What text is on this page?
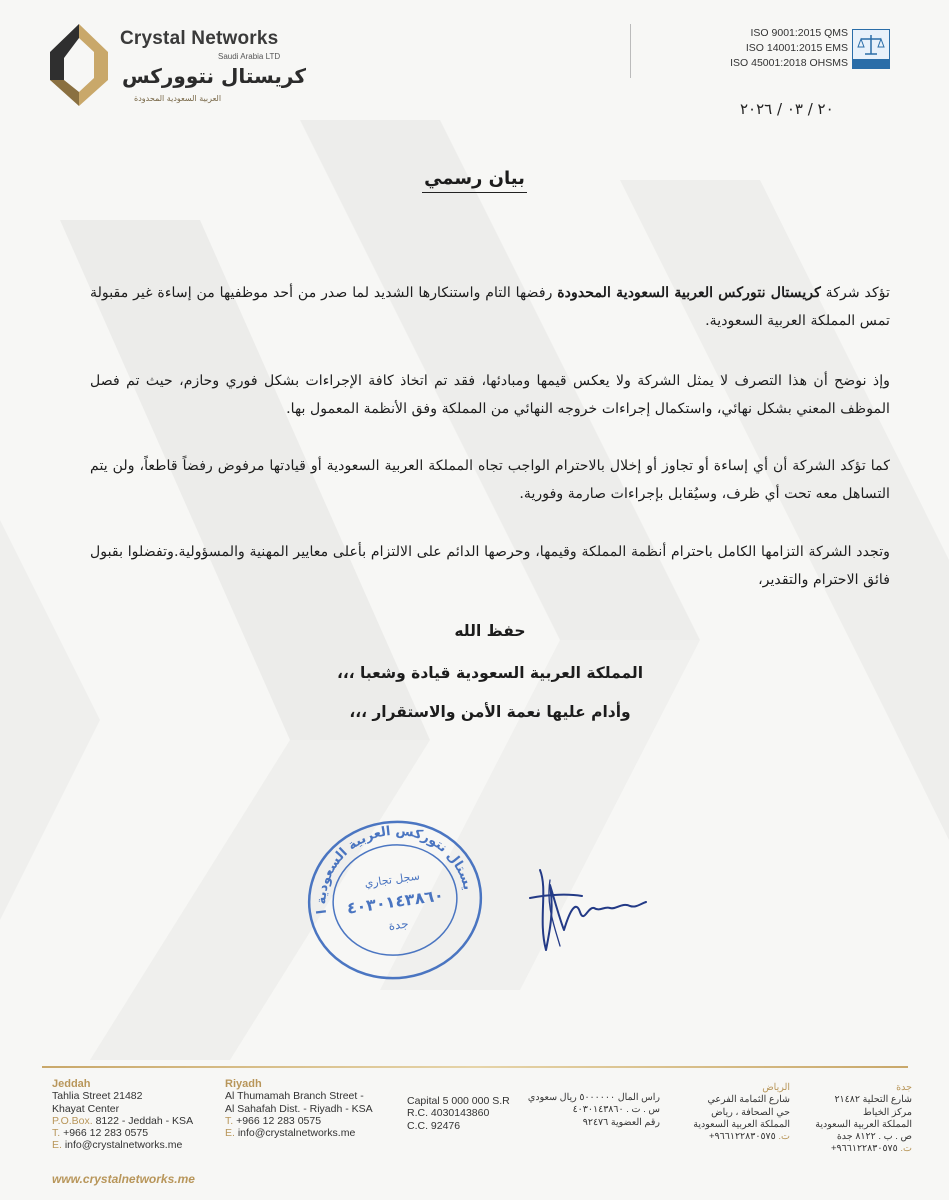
Crystal Networks
Saudi Arabia LTD
كريستال نتووركس
العربية السعودية المحدودة
ISO 9001:2015 QMS
ISO 14001:2015 EMS
ISO 45001:2018 OHSMS
٢٠ / ٠٣ / ٢٠٢٦
بيان رسمي
تؤكد شركة كريستال نتوركس العربية السعودية المحدودة رفضها التام واستنكارها الشديد لما صدر من أحد موظفيها من إساءة غير مقبولة تمس المملكة العربية السعودية.
وإذ نوضح أن هذا التصرف لا يمثل الشركة ولا يعكس قيمها ومبادئها، فقد تم اتخاذ كافة الإجراءات بشكل فوري وحازم، حيث تم فصل الموظف المعني بشكل نهائي، واستكمال إجراءات خروجه النهائي من المملكة وفق الأنظمة المعمول بها.
كما تؤكد الشركة أن أي إساءة أو تجاوز أو إخلال بالاحترام الواجب تجاه المملكة العربية السعودية أو قيادتها مرفوض رفضاً قاطعاً، ولن يتم التساهل معه تحت أي ظرف، وسيُقابل بإجراءات صارمة وفورية.
وتجدد الشركة التزامها الكامل باحترام أنظمة المملكة وقيمها، وحرصها الدائم على الالتزام بأعلى معايير المهنية والمسؤولية.وتفضلوا بقبول فائق الاحترام والتقدير،
حفظ الله
المملكة العربية السعودية قيادة وشعبا ،،،
وأدام عليها نعمة الأمن والاستقرار ،،،
كريستال نتوركس العربية السعودية المحدودة
سجل تجاري
٤٠٣٠١٤٣٨٦٠
جدة
Jeddah
Tahlia Street 21482
Khayat Center
P.O.Box. 8122 - Jeddah - KSA
T. +966 12 283 0575
E. info@crystalnetworks.me
Riyadh
Al Thumamah Branch Street -
Al Sahafah Dist. - Riyadh - KSA
T. +966 12 283 0575
E. info@crystalnetworks.me
Capital 5 000 000 S.R
R.C. 4030143860
C.C. 92476
راس المال ٥٠٠٠٠٠٠ ريال سعودي
س . ت . ٤٠٣٠١٤٣٨٦٠
رقم العضوية ٩٢٤٧٦
الرياض
شارع الثمامة الفرعي
حي الصحافة ، رياض
المملكة العربية السعودية
ت. ٩٦٦١٢٢٨٣٠٥٧٥+
جدة
شارع التحلية ٢١٤٨٢
مركز الخياط
المملكة العربية السعودية
ص . ب . ٨١٢٢ جدة
ت. ٩٦٦١٢٢٨٣٠٥٧٥+
www.crystalnetworks.me
